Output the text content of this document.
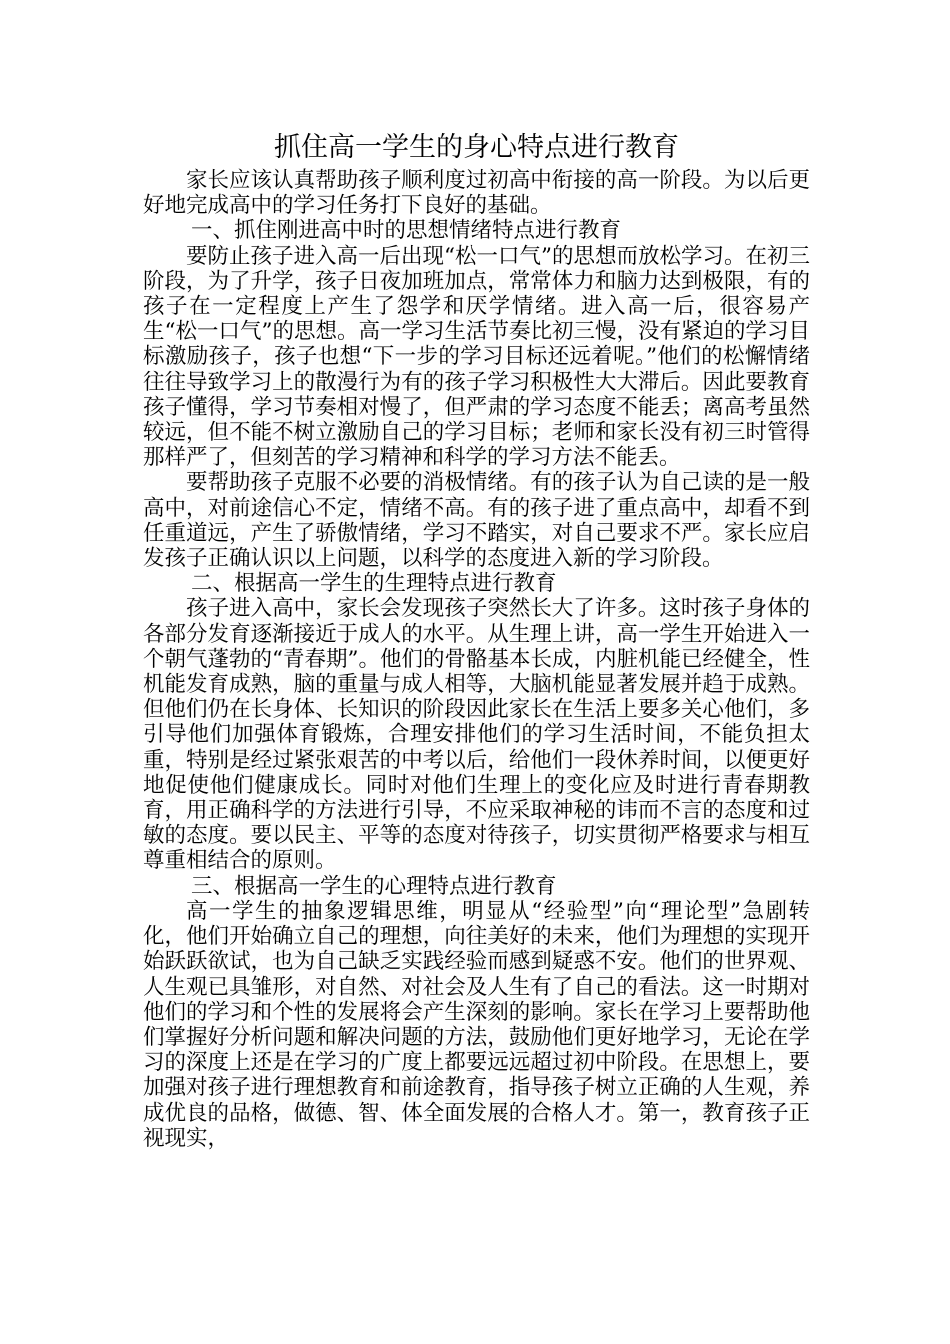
抓住高一学生的身心特点进行教育

家长应该认真帮助孩子顺利度过初高中衔接的高一阶段。为以后更好地完成高中的学习任务打下良好的基础。

一、抓住刚进高中时的思想情绪特点进行教育

要防止孩子进入高一后出现“松一口气”的思想而放松学习。在初三阶段，为了升学，孩子日夜加班加点，常常体力和脑力达到极限，有的孩子在一定程度上产生了怨学和厌学情绪。进入高一后，很容易产生“松一口气”的思想。高一学习生活节奏比初三慢，没有紧迫的学习目标激励孩子，孩子也想“下一步的学习目标还远着呢。”他们的松懈情绪往往导致学习上的散漫行为有的孩子学习积极性大大滞后。因此要教育孩子懂得，学习节奏相对慢了，但严肃的学习态度不能丢；离高考虽然较远，但不能不树立激励自己的学习目标；老师和家长没有初三时管得那样严了，但刻苦的学习精神和科学的学习方法不能丢。

要帮助孩子克服不必要的消极情绪。有的孩子认为自己读的是一般高中，对前途信心不定，情绪不高。有的孩子进了重点高中，却看不到任重道远，产生了骄傲情绪，学习不踏实，对自己要求不严。家长应启发孩子正确认识以上问题，以科学的态度进入新的学习阶段。

二、根据高一学生的生理特点进行教育

孩子进入高中，家长会发现孩子突然长大了许多。这时孩子身体的各部分发育逐渐接近于成人的水平。从生理上讲，高一学生开始进入一个朝气蓬勃的“青春期”。他们的骨骼基本长成，内脏机能已经健全，性机能发育成熟，脑的重量与成人相等，大脑机能显著发展并趋于成熟。但他们仍在长身体、长知识的阶段因此家长在生活上要多关心他们，多引导他们加强体育锻炼，合理安排他们的学习生活时间，不能负担太重，特别是经过紧张艰苦的中考以后，给他们一段休养时间，以便更好地促使他们健康成长。同时对他们生理上的变化应及时进行青春期教育，用正确科学的方法进行引导，不应采取神秘的讳而不言的态度和过敏的态度。要以民主、平等的态度对待孩子，切实贯彻严格要求与相互尊重相结合的原则。

三、根据高一学生的心理特点进行教育

高一学生的抽象逻辑思维，明显从“经验型”向“理论型”急剧转化，他们开始确立自己的理想，向往美好的未来，他们为理想的实现开始跃跃欲试，也为自己缺乏实践经验而感到疑惑不安。他们的世界观、人生观已具雏形，对自然、对社会及人生有了自己的看法。这一时期对他们的学习和个性的发展将会产生深刻的影响。家长在学习上要帮助他们掌握好分析问题和解决问题的方法，鼓励他们更好地学习，无论在学习的深度上还是在学习的广度上都要远远超过初中阶段。在思想上，要加强对孩子进行理想教育和前途教育，指导孩子树立正确的人生观，养成优良的品格，做德、智、体全面发展的合格人才。第一，教育孩子正视现实，
